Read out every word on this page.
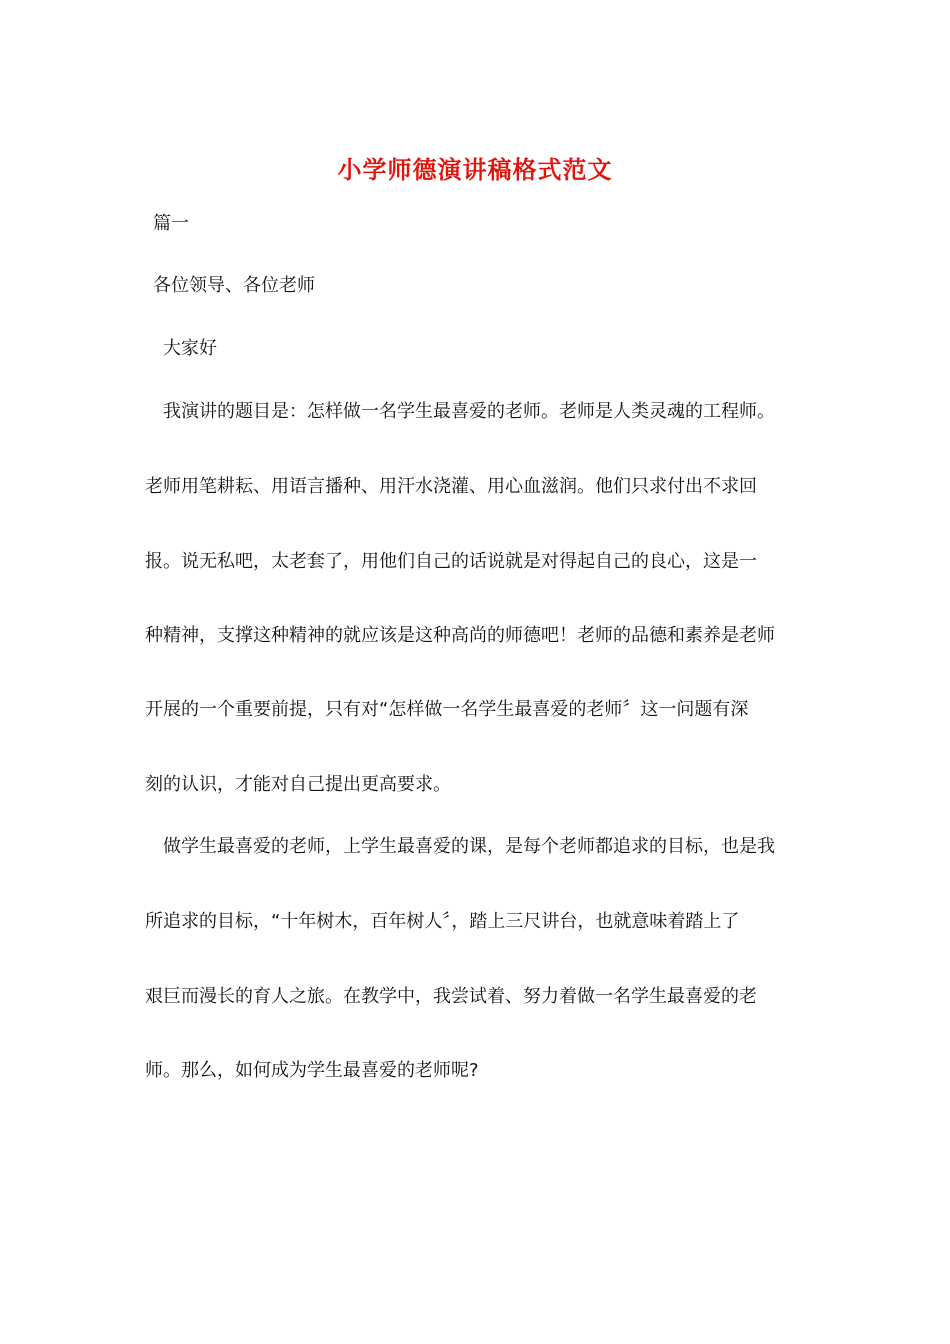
小学师德演讲稿格式范文
篇一
各位领导、各位老师
大家好
我演讲的题目是：怎样做一名学生最喜爱的老师。老师是人类灵魂的工程师。
老师用笔耕耘、用语言播种、用汗水浇灌、用心血滋润。他们只求付出不求回
报。说无私吧，太老套了，用他们自己的话说就是对得起自己的良心，这是一
种精神，支撑这种精神的就应该是这种高尚的师德吧！老师的品德和素养是老师
开展的一个重要前提，只有对“怎样做一名学生最喜爱的老师〞这一问题有深
刻的认识，才能对自己提出更高要求。
做学生最喜爱的老师，上学生最喜爱的课，是每个老师都追求的目标，也是我
所追求的目标，“十年树木，百年树人〞，踏上三尺讲台，也就意味着踏上了
艰巨而漫长的育人之旅。在教学中，我尝试着、努力着做一名学生最喜爱的老
师。那么，如何成为学生最喜爱的老师呢?
